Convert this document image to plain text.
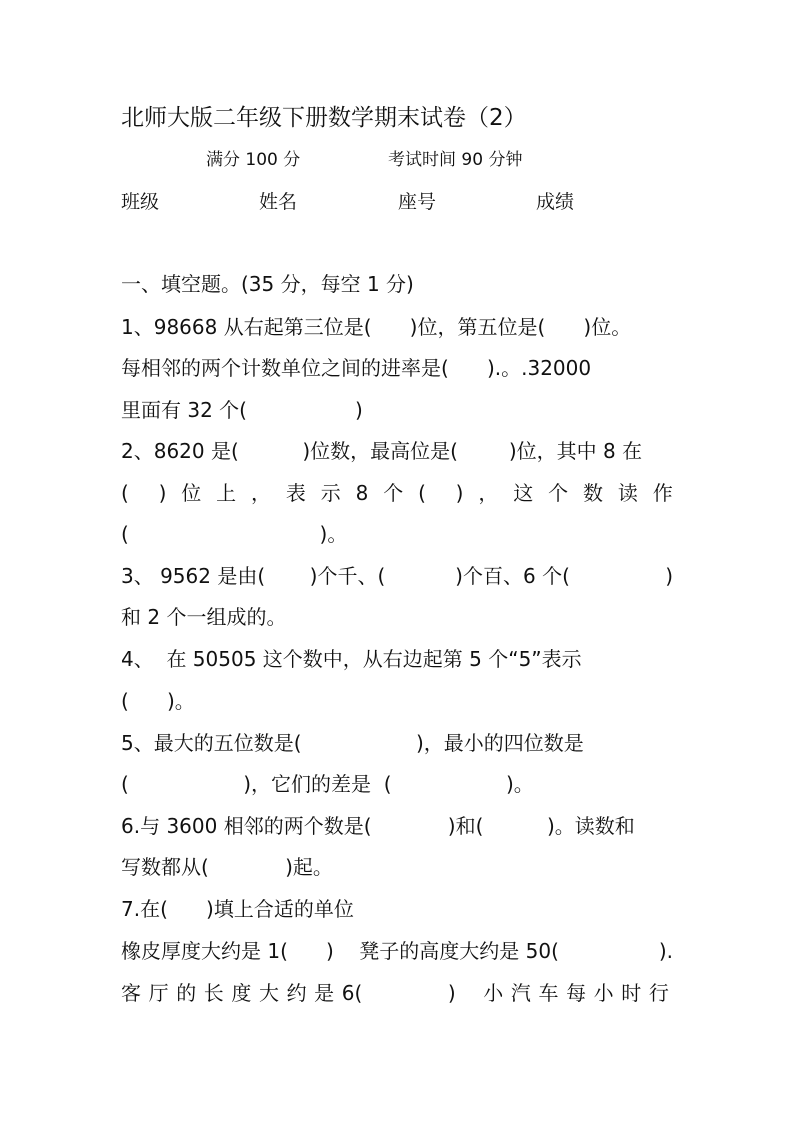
北师大版二年级下册数学期末试卷（2）
满分 100 分	考试时间 90 分钟
班级	姓名	座号	成绩
一、填空题。(35 分，每空 1 分)
1、98668 从右起第三位是(      )位，第五位是(      )位。
每相邻的两个计数单位之间的进率是(      ).。.32000
里面有 32 个(                 )
2、8620 是(          )位数，最高位是(        )位，其中 8 在
( ) 位 上 ， 表 示 8 个 ( ) ， 这 个 数 读 作
(                              )。
3、 9562 是由(       )个千、(           )个百、6 个(	)
和 2 个一组成的。
4、  在 50505 这个数中，从右边起第 5 个“5”表示
(      )。
5、最大的五位数是(                  )，最小的四位数是
(                  )，它们的差是  (                  )。
6.与 3600 相邻的两个数是(            )和(          )。读数和
写数都从(            )起。
7.在(      )填上合适的单位
橡皮厚度大约是 1(      )    凳子的高度大约是 50(	).
客 厅 的 长 度 大 约 是 6(	) 小 汽 车 每 小 时 行
